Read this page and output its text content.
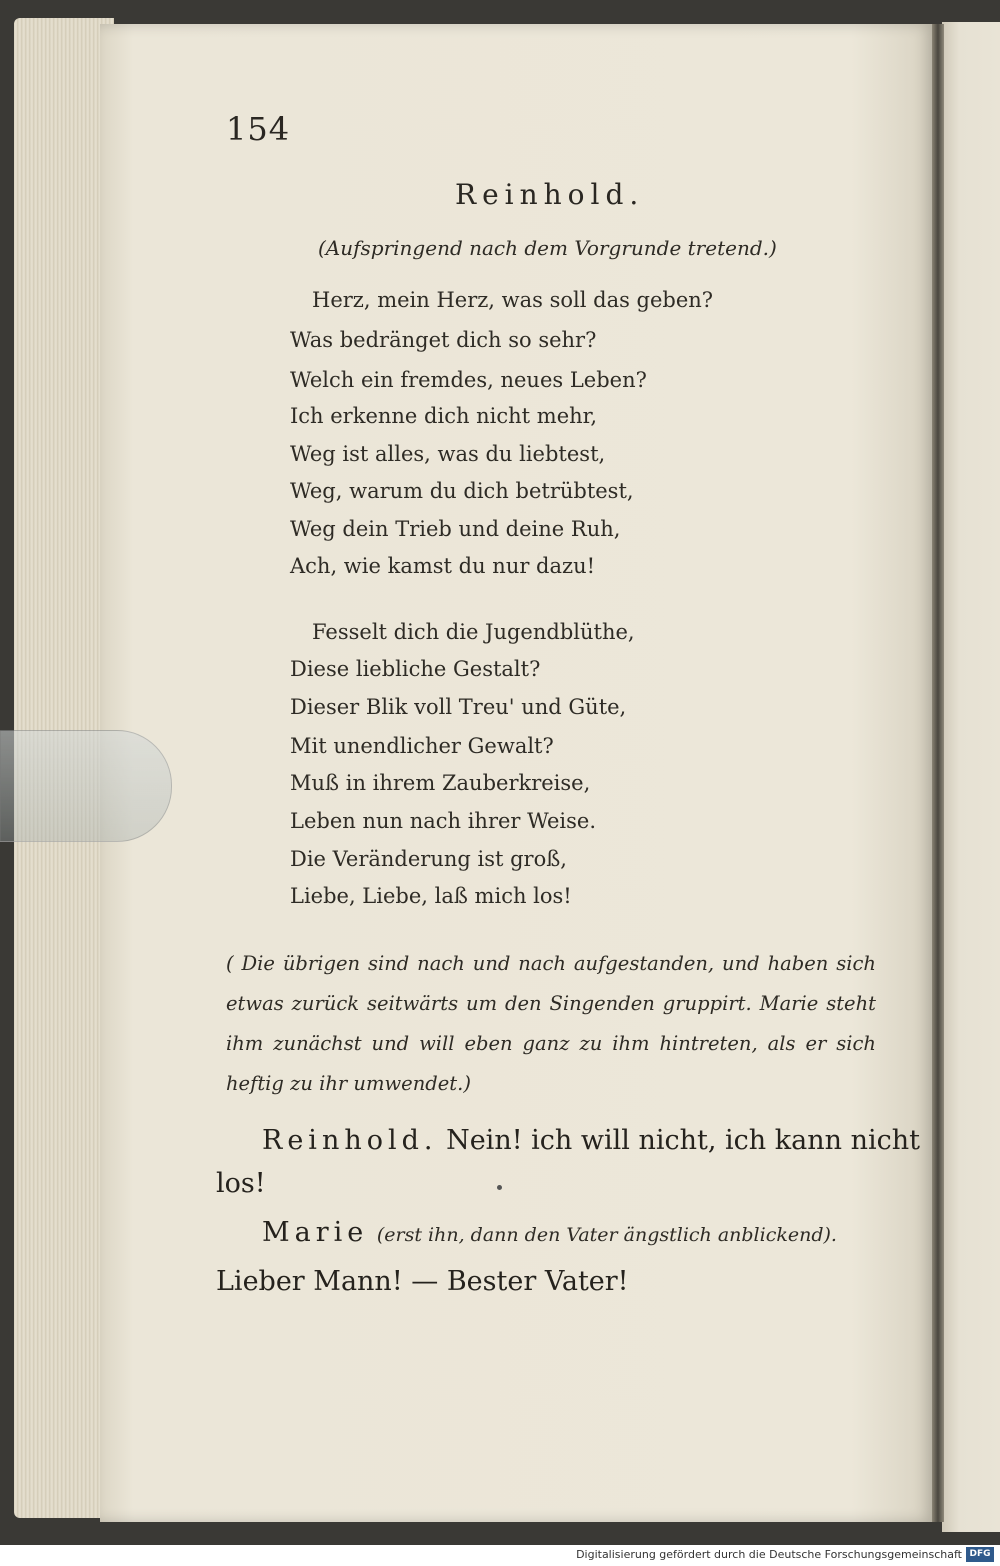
154
Reinhold.
(Aufspringend nach dem Vorgrunde tretend.)
Herz, mein Herz, was soll das geben?
Was bedränget dich so sehr?
Welch ein fremdes, neues Leben?
Ich erkenne dich nicht mehr,
Weg ist alles, was du liebtest,
Weg, warum du dich betrübtest,
Weg dein Trieb und deine Ruh,
Ach, wie kamst du nur dazu!
Fesselt dich die Jugendblüthe,
Diese liebliche Gestalt?
Dieser Blik voll Treu' und Güte,
Mit unendlicher Gewalt?
Muß in ihrem Zauberkreise,
Leben nun nach ihrer Weise.
Die Veränderung ist groß,
Liebe, Liebe, laß mich los!
( Die übrigen sind nach und nach aufgestanden, und haben sich etwas zurück seitwärts um den Singenden gruppirt. Marie steht ihm zunächst und will eben ganz zu ihm hintreten, als er sich heftig zu ihr umwendet.)
Reinhold. Nein! ich will nicht, ich kann nicht
los!
Marie (erst ihn, dann den Vater ängstlich anblickend).
Lieber Mann! — Bester Vater!
Digitalisierung gefördert durch die Deutsche Forschungsgemeinschaft DFG
